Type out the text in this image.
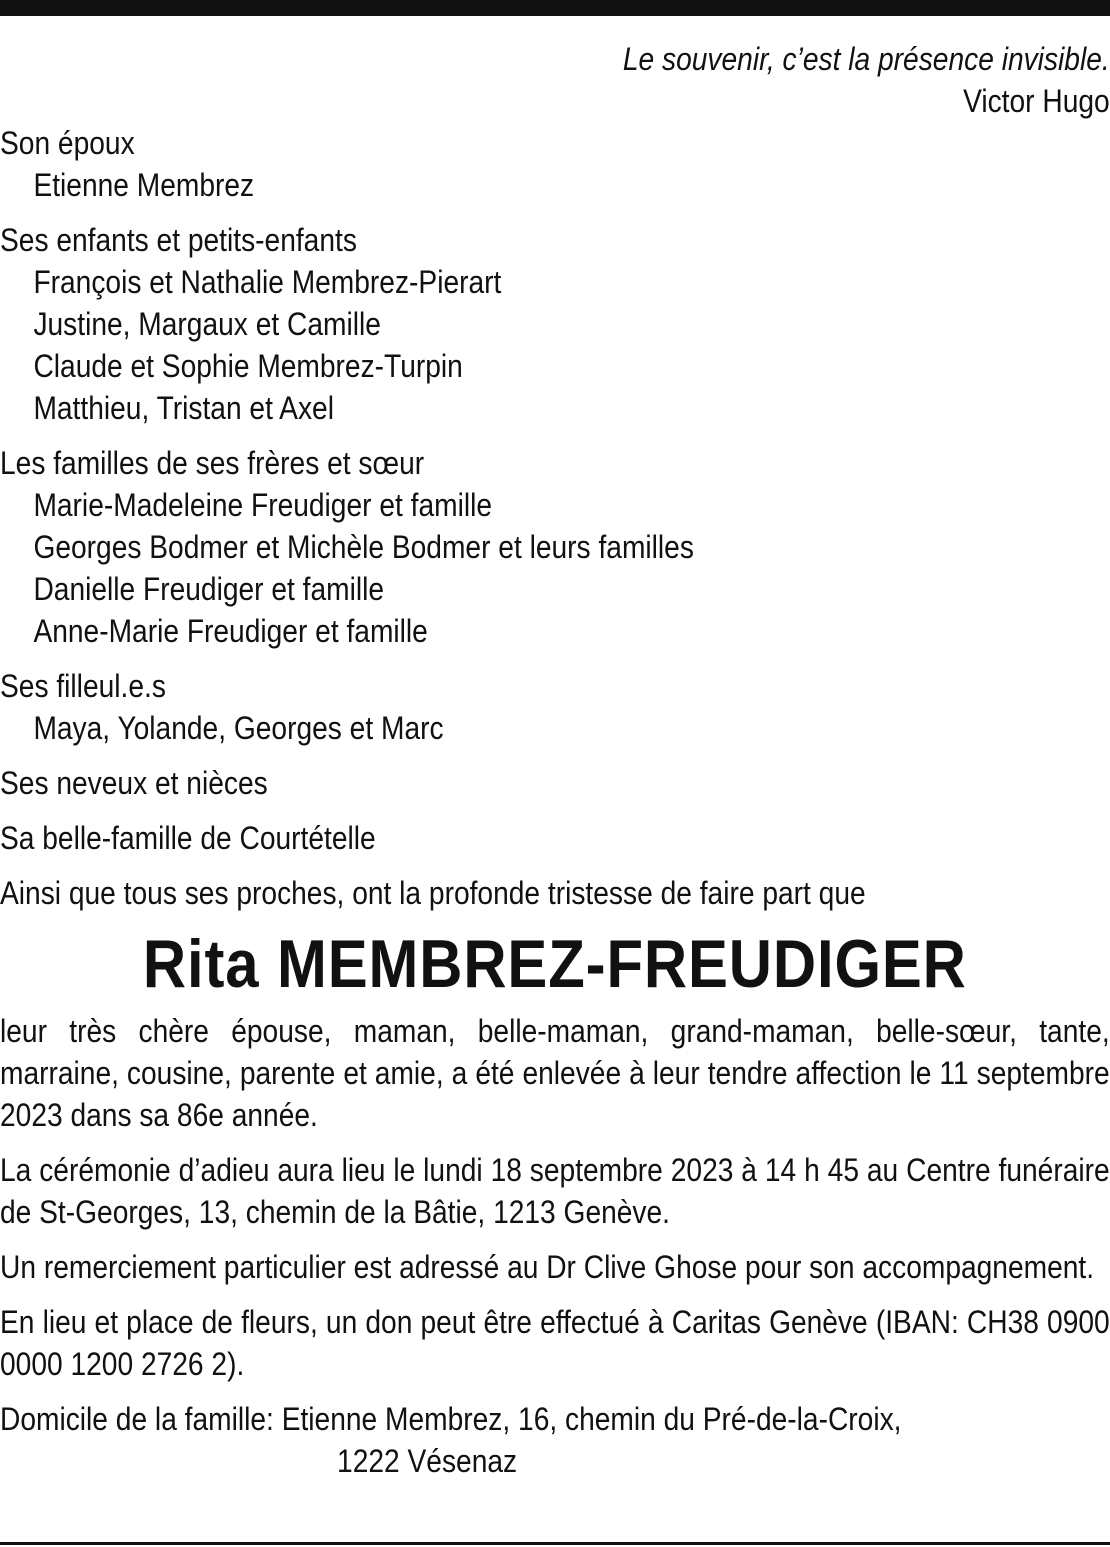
Le souvenir, c’est la présence invisible.
Victor Hugo
Son époux
Etienne Membrez
Ses enfants et petits-enfants
François et Nathalie Membrez-Pierart
Justine, Margaux et Camille
Claude et Sophie Membrez-Turpin
Matthieu, Tristan et Axel
Les familles de ses frères et sœur
Marie-Madeleine Freudiger et famille
Georges Bodmer et Michèle Bodmer et leurs familles
Danielle Freudiger et famille
Anne-Marie Freudiger et famille
Ses filleul.e.s
Maya, Yolande, Georges et Marc
Ses neveux et nièces
Sa belle-famille de Courtételle
Ainsi que tous ses proches, ont la profonde tristesse de faire part que
Rita MEMBREZ-FREUDIGER
leur très chère épouse, maman, belle-maman, grand-maman, belle-sœur, tante, marraine, cousine, parente et amie, a été enlevée à leur tendre affection le 11 septembre 2023 dans sa 86e année.
La cérémonie d’adieu aura lieu le lundi 18 septembre 2023 à 14 h 45 au Centre funéraire de St-Georges, 13, chemin de la Bâtie, 1213 Genève.
Un remerciement particulier est adressé au Dr Clive Ghose pour son accompagnement.
En lieu et place de fleurs, un don peut être effectué à Caritas Genève (IBAN: CH38 0900 0000 1200 2726 2).
Domicile de la famille: Etienne Membrez, 16, chemin du Pré-de-la-Croix,
1222 Vésenaz
